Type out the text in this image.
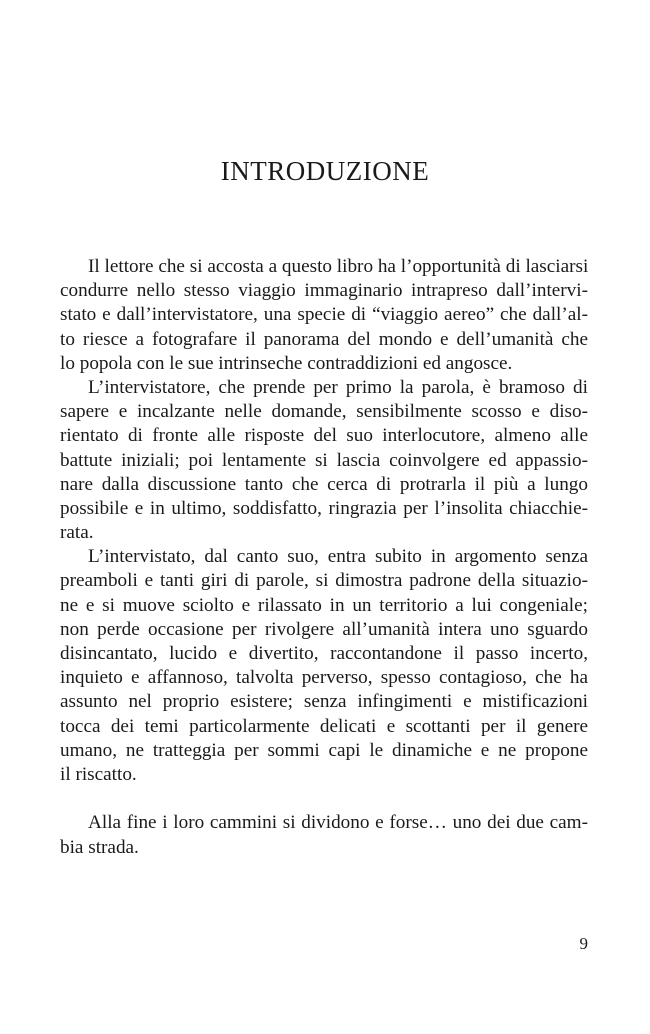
INTRODUZIONE
Il lettore che si accosta a questo libro ha l’opportunità di lasciarsi
condurre nello stesso viaggio immaginario intrapreso dall’intervi-
stato e dall’intervistatore, una specie di “viaggio aereo” che dall’al-
to riesce a fotografare il panorama del mondo e dell’umanità che
lo popola con le sue intrinseche contraddizioni ed angosce.
L’intervistatore, che prende per primo la parola, è bramoso di
sapere e incalzante nelle domande, sensibilmente scosso e diso-
rientato di fronte alle risposte del suo interlocutore, almeno alle
battute iniziali; poi lentamente si lascia coinvolgere ed appassio-
nare dalla discussione tanto che cerca di protrarla il più a lungo
possibile e in ultimo, soddisfatto, ringrazia per l’insolita chiacchie-
rata.
L’intervistato, dal canto suo, entra subito in argomento senza
preamboli e tanti giri di parole, si dimostra padrone della situazio-
ne e si muove sciolto e rilassato in un territorio a lui congeniale;
non perde occasione per rivolgere all’umanità intera uno sguardo
disincantato, lucido e divertito, raccontandone il passo incerto,
inquieto e affannoso, talvolta perverso, spesso contagioso, che ha
assunto nel proprio esistere; senza infingimenti e mistificazioni
tocca dei temi particolarmente delicati e scottanti per il genere
umano, ne tratteggia per sommi capi le dinamiche e ne propone
il riscatto.
Alla fine i loro cammini si dividono e forse… uno dei due cam-
bia strada.
9
